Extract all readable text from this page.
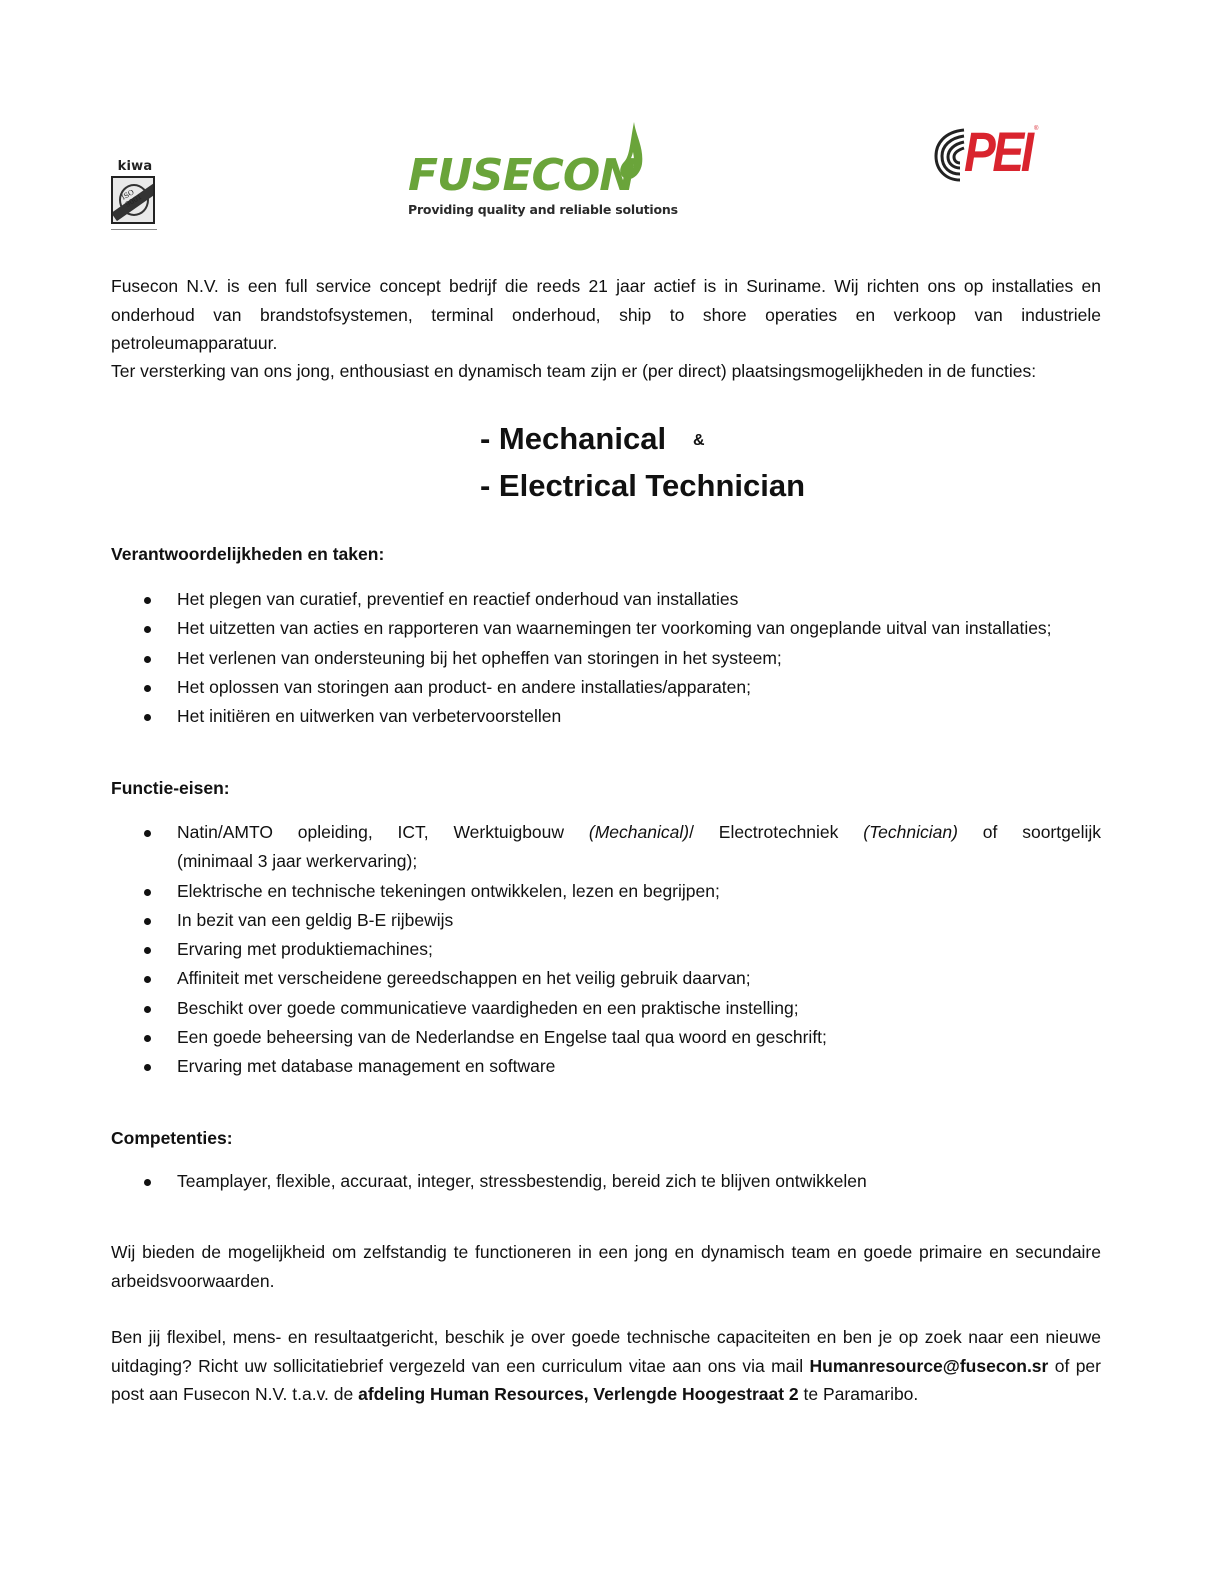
kiwa
ISO 9001	FUSECON
Providing quality and reliable solutions
PEI ®
Fusecon N.V. is een full service concept bedrijf die reeds 21 jaar actief is in Suriname. Wij richten ons op installaties en onderhoud van brandstofsystemen, terminal onderhoud, ship to shore operaties en verkoop van industriele petroleumapparatuur.
Ter versterking van ons jong, enthousiast en dynamisch team zijn er (per direct) plaatsingsmogelijkheden in de functies:
- Mechanical &
- Electrical Technician
Verantwoordelijkheden en taken:
Het plegen van curatief, preventief en reactief onderhoud van installaties
Het uitzetten van acties en rapporteren van waarnemingen ter voorkoming van ongeplande uitval van installaties;
Het verlenen van ondersteuning bij het opheffen van storingen in het systeem;
Het oplossen van storingen aan product- en andere installaties/apparaten;
Het initiëren en uitwerken van verbetervoorstellen
Functie-eisen:
Natin/AMTO opleiding, ICT, Werktuigbouw (Mechanical)/ Electrotechniek (Technician) of soortgelijk
(minimaal 3 jaar werkervaring);
Elektrische en technische tekeningen ontwikkelen, lezen en begrijpen;
In bezit van een geldig B-E rijbewijs
Ervaring met produktiemachines;
Affiniteit met verscheidene gereedschappen en het veilig gebruik daarvan;
Beschikt over goede communicatieve vaardigheden en een praktische instelling;
Een goede beheersing van de Nederlandse en Engelse taal qua woord en geschrift;
Ervaring met database management en software
Competenties:
Teamplayer, flexible, accuraat, integer, stressbestendig, bereid zich te blijven ontwikkelen
Wij bieden de mogelijkheid om zelfstandig te functioneren in een jong en dynamisch team en goede primaire en secundaire arbeidsvoorwaarden.
Ben jij flexibel, mens- en resultaatgericht, beschik je over goede technische capaciteiten en ben je op zoek naar een nieuwe uitdaging? Richt uw sollicitatiebrief vergezeld van een curriculum vitae aan ons via mail Humanresource@fusecon.sr of per post aan Fusecon N.V. t.a.v. de afdeling Human Resources, Verlengde Hoogestraat 2 te Paramaribo.
